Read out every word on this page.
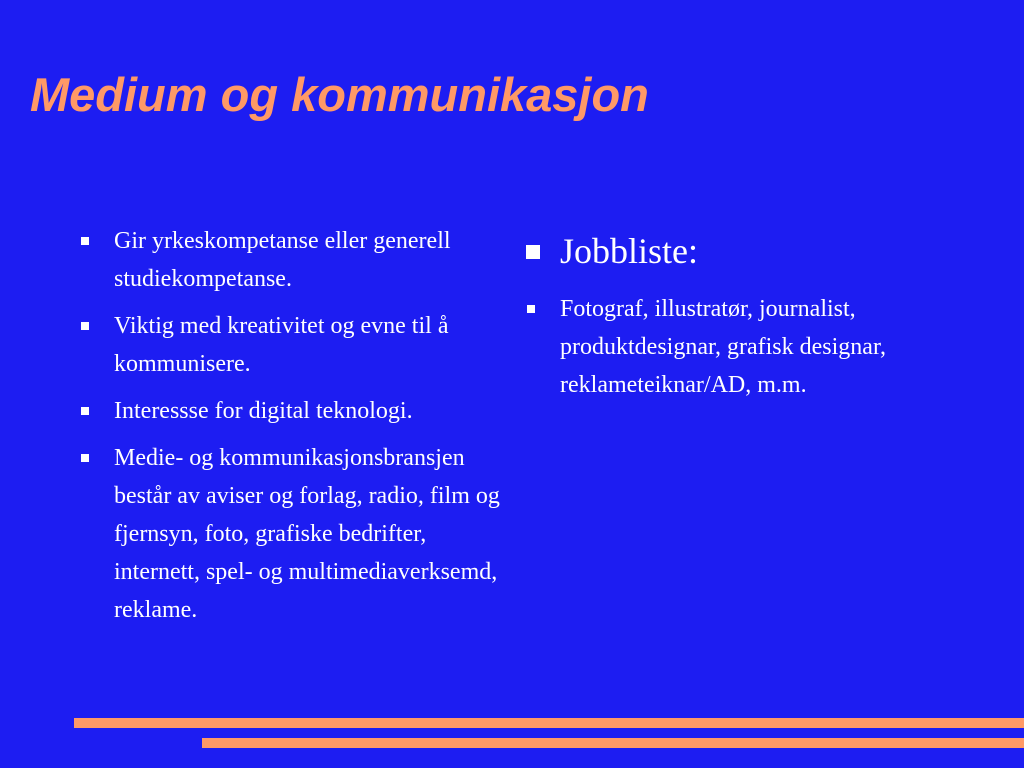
Medium og kommunikasjon
Gir yrkeskompetanse eller generell studiekompetanse.
Viktig med kreativitet og evne til å kommunisere.
Interessse for digital teknologi.
Medie- og kommunikasjonsbransjen består av aviser og forlag, radio, film og fjernsyn, foto, grafiske bedrifter, internett, spel- og multimediaverksemd, reklame.
Jobbliste:
Fotograf, illustratør, journalist, produktdesignar, grafisk designar, reklameteiknar/AD, m.m.
